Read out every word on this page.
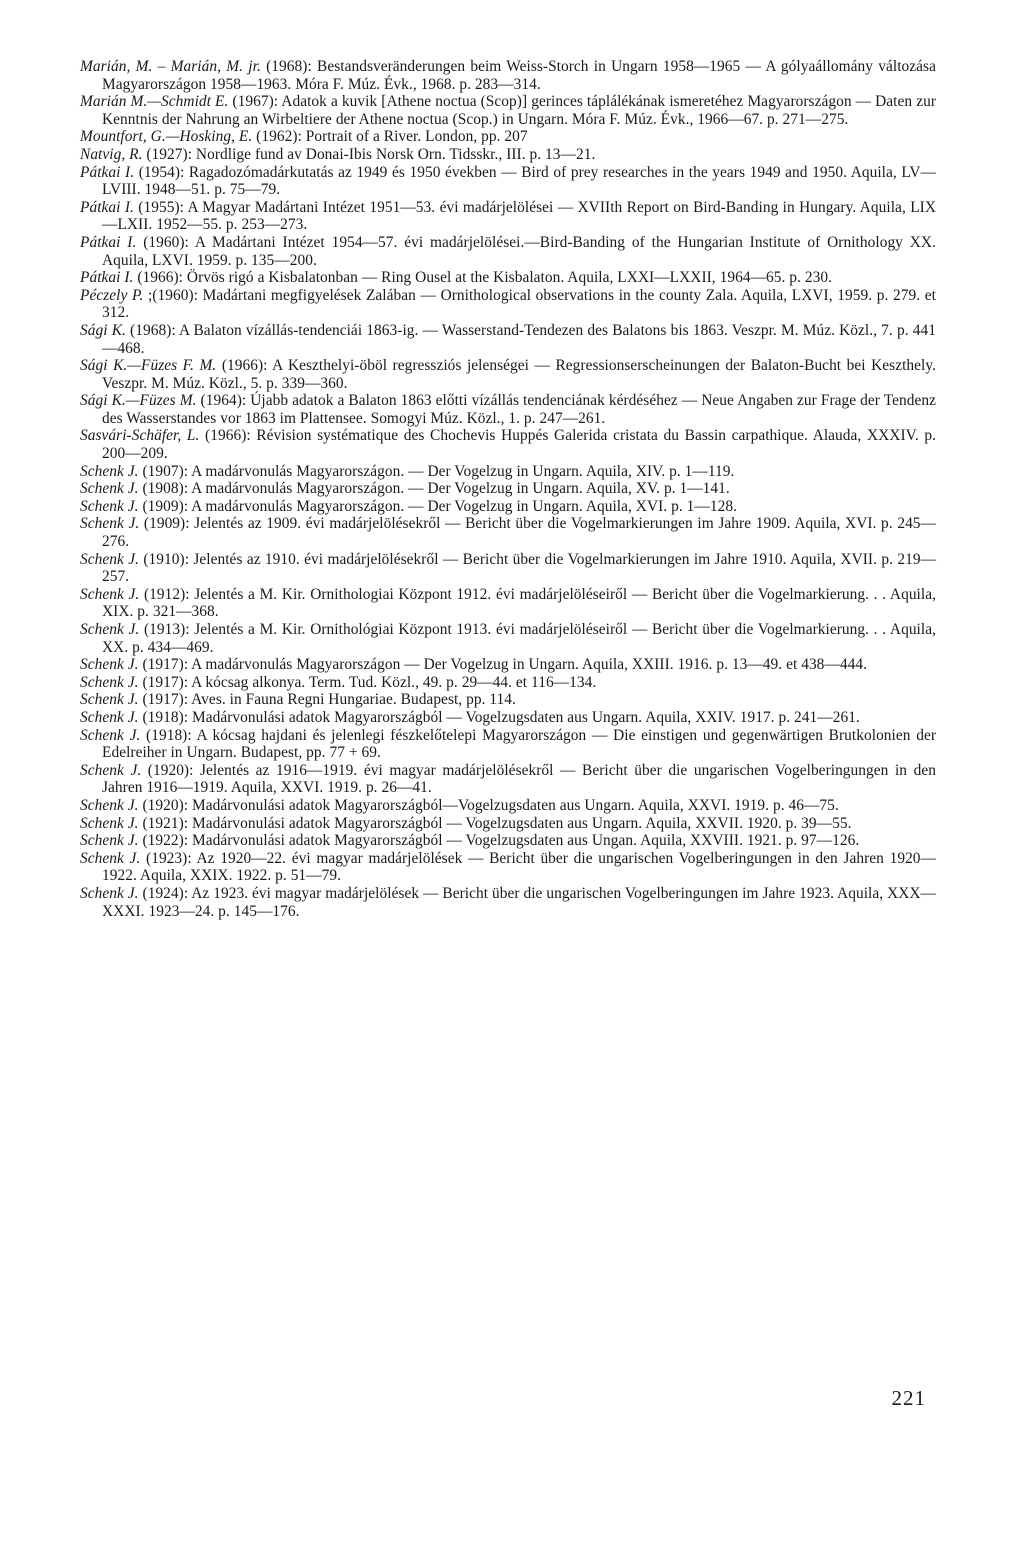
Marián, M. – Marián, M. jr. (1968): Bestandsveränderungen beim Weiss-Storch in Ungarn 1958—1965 — A gólyaállomány változása Magyarországon 1958—1963. Móra F. Múz. Évk., 1968. p. 283—314.
Marián M.—Schmidt E. (1967): Adatok a kuvik [Athene noctua (Scop)] gerinces táplálékának ismeretéhez Magyarországon — Daten zur Kenntnis der Nahrung an Wirbeltiere der Athene noctua (Scop.) in Ungarn. Móra F. Múz. Évk., 1966—67. p. 271—275.
Mountfort, G.—Hosking, E. (1962): Portrait of a River. London, pp. 207
Natvig, R. (1927): Nordlige fund av Donai-Ibis Norsk Orn. Tidsskr., III. p. 13—21.
Pátkai I. (1954): Ragadozómadárkutatás az 1949 és 1950 években — Bird of prey researches in the years 1949 and 1950. Aquila, LV—LVIII. 1948—51. p. 75—79.
Pátkai I. (1955): A Magyar Madártani Intézet 1951—53. évi madárjelölései — XVIIth Report on Bird-Banding in Hungary. Aquila, LIX—LXII. 1952—55. p. 253—273.
Pátkai I. (1960): A Madártani Intézet 1954—57. évi madárjelölései.—Bird-Banding of the Hungarian Institute of Ornithology XX. Aquila, LXVI. 1959. p. 135—200.
Pátkai I. (1966): Örvös rigó a Kisbalatonban — Ring Ousel at the Kisbalaton. Aquila, LXXI—LXXII, 1964—65. p. 230.
Péczely P. ;(1960): Madártani megfigyelések Zalában — Ornithological observations in the county Zala. Aquila, LXVI, 1959. p. 279. et 312.
Sági K. (1968): A Balaton vízállás-tendenciái 1863-ig. — Wasserstand-Tendezen des Balatons bis 1863. Veszpr. M. Múz. Közl., 7. p. 441—468.
Sági K.—Füzes F. M. (1966): A Keszthelyi-öböl regressziós jelenségei — Regressionserscheinungen der Balaton-Bucht bei Keszthely. Veszpr. M. Múz. Közl., 5. p. 339—360.
Sági K.—Füzes M. (1964): Újabb adatok a Balaton 1863 előtti vízállás tendenciának kérdéséhez — Neue Angaben zur Frage der Tendenz des Wasserstandes vor 1863 im Plattensee. Somogyi Múz. Közl., 1. p. 247—261.
Sasvári-Schäfer, L. (1966): Révision systématique des Chochevis Huppés Galerida cristata du Bassin carpathique. Alauda, XXXIV. p. 200—209.
Schenk J. (1907): A madárvonulás Magyarországon. — Der Vogelzug in Ungarn. Aquila, XIV. p. 1—119.
Schenk J. (1908): A madárvonulás Magyarországon. — Der Vogelzug in Ungarn. Aquila, XV. p. 1—141.
Schenk J. (1909): A madárvonulás Magyarországon. — Der Vogelzug in Ungarn. Aquila, XVI. p. 1—128.
Schenk J. (1909): Jelentés az 1909. évi madárjelölésekről — Bericht über die Vogelmarkierungen im Jahre 1909. Aquila, XVI. p. 245—276.
Schenk J. (1910): Jelentés az 1910. évi madárjelölésekről — Bericht über die Vogelmarkierungen im Jahre 1910. Aquila, XVII. p. 219—257.
Schenk J. (1912): Jelentés a M. Kir. Ornithologiai Központ 1912. évi madárjelöléseiről — Bericht über die Vogelmarkierung. . . Aquila, XIX. p. 321—368.
Schenk J. (1913): Jelentés a M. Kir. Ornithológiai Központ 1913. évi madárjelöléseiről — Bericht über die Vogelmarkierung. . . Aquila, XX. p. 434—469.
Schenk J. (1917): A madárvonulás Magyarországon — Der Vogelzug in Ungarn. Aquila, XXIII. 1916. p. 13—49. et 438—444.
Schenk J. (1917): A kócsag alkonya. Term. Tud. Közl., 49. p. 29—44. et 116—134.
Schenk J. (1917): Aves. in Fauna Regni Hungariae. Budapest, pp. 114.
Schenk J. (1918): Madárvonulási adatok Magyarországból — Vogelzugsdaten aus Ungarn. Aquila, XXIV. 1917. p. 241—261.
Schenk J. (1918): A kócsag hajdani és jelenlegi fészkelőtelepi Magyarországon — Die einstigen und gegenwärtigen Brutkolonien der Edelreiher in Ungarn. Budapest, pp. 77 + 69.
Schenk J. (1920): Jelentés az 1916—1919. évi magyar madárjelölésekről — Bericht über die ungarischen Vogelberingungen in den Jahren 1916—1919. Aquila, XXVI. 1919. p. 26—41.
Schenk J. (1920): Madárvonulási adatok Magyarországból—Vogelzugsdaten aus Ungarn. Aquila, XXVI. 1919. p. 46—75.
Schenk J. (1921): Madárvonulási adatok Magyarországból — Vogelzugsdaten aus Ungarn. Aquila, XXVII. 1920. p. 39—55.
Schenk J. (1922): Madárvonulási adatok Magyarországból — Vogelzugsdaten aus Ungan. Aquila, XXVIII. 1921. p. 97—126.
Schenk J. (1923): Az 1920—22. évi magyar madárjelölések — Bericht über die ungarischen Vogelberingungen in den Jahren 1920—1922. Aquila, XXIX. 1922. p. 51—79.
Schenk J. (1924): Az 1923. évi magyar madárjelölések — Bericht über die ungarischen Vogelberingungen im Jahre 1923. Aquila, XXX—XXXI. 1923—24. p. 145—176.
221
